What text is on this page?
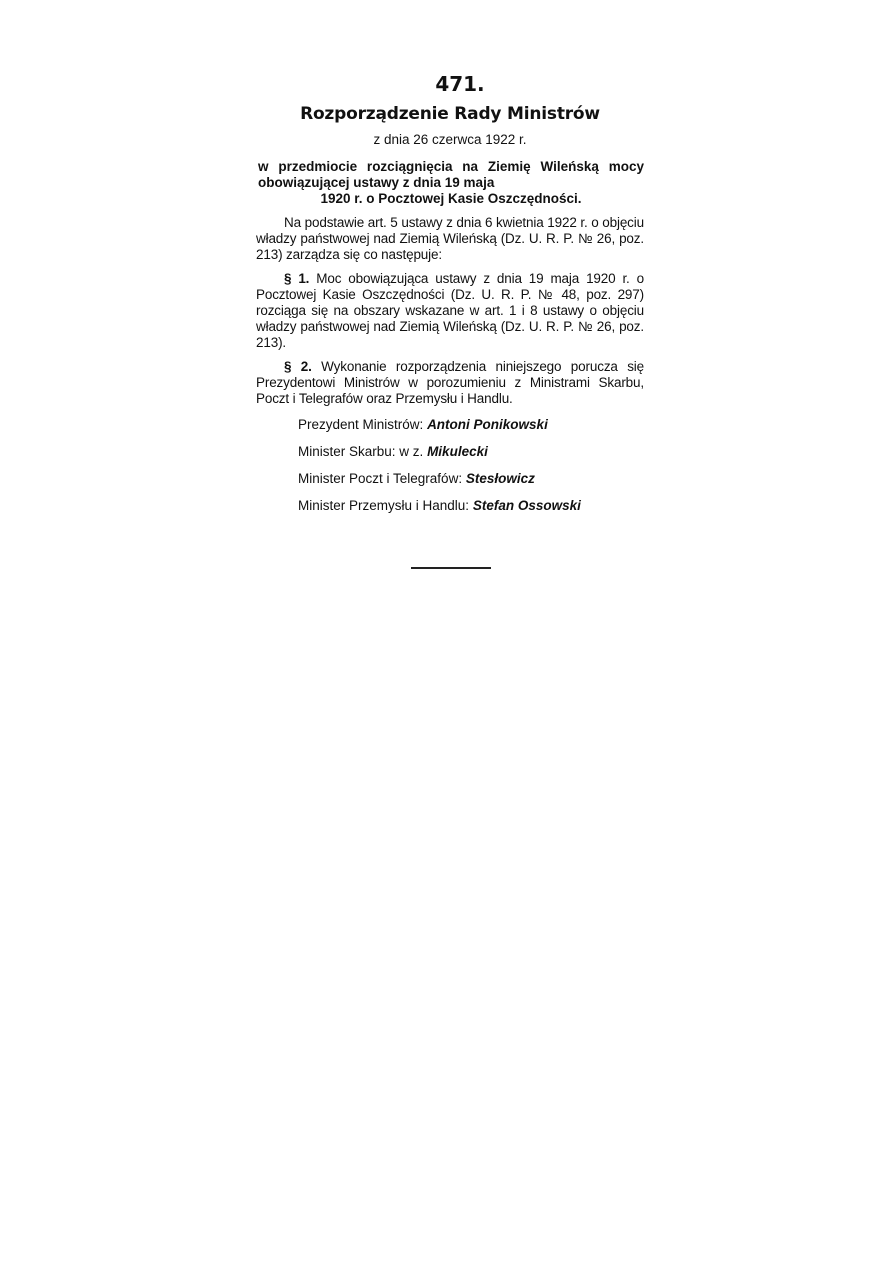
471.
Rozporządzenie Rady Ministrów
z dnia 26 czerwca 1922 r.
w przedmiocie rozciągnięcia na Ziemię Wileńską mocy obowiązującej ustawy z dnia 19 maja
1920 r. o Pocztowej Kasie Oszczędności.
Na podstawie art. 5 ustawy z dnia 6 kwietnia 1922 r. o objęciu władzy państwowej nad Ziemią Wileńską (Dz. U. R. P. № 26, poz. 213) zarządza się co następuje:
§ 1. Moc obowiązująca ustawy z dnia 19 maja 1920 r. o Pocztowej Kasie Oszczędności (Dz. U. R. P. № 48, poz. 297) rozciąga się na obszary wskazane w art. 1 i 8 ustawy o objęciu władzy państwowej nad Ziemią Wileńską (Dz. U. R. P. № 26, poz. 213).
§ 2. Wykonanie rozporządzenia niniejszego porucza się Prezydentowi Ministrów w porozumieniu z Ministrami Skarbu, Poczt i Telegrafów oraz Przemysłu i Handlu.
Prezydent Ministrów: Antoni Ponikowski
Minister Skarbu: w z. Mikulecki
Minister Poczt i Telegrafów: Stesłowicz
Minister Przemysłu i Handlu: Stefan Ossowski
